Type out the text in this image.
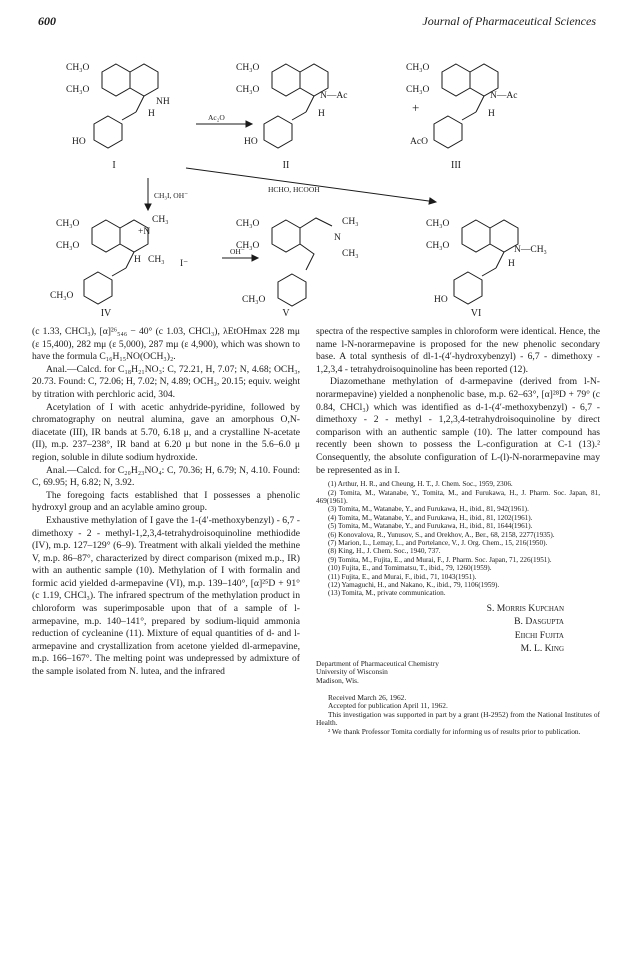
600	Journal of Pharmaceutical Sciences
CH₃O
CH₃O
NH
H
HO
CH₃O
CH₃O
N—Ac
H
HO
CH₃O
CH₃O
N—Ac
H
AcO
CH₃O
CH₃O
+N
CH₃
CH₃
H	I⁻
CH₃O
CH₃O
CH₃O
N
CH₃
CH₃
CH₃O
CH₃O
CH₃O	N—CH₃
H
HO
Ac₂O
CH₃I, OH⁻
HCHO, HCOOH
OH⁻
+
I	II	III
IV	V	VI

(c 1.33, CHCl₃), [α]²⁶₅₄₆ − 40° (c 1.03, CHCl₃), λEtOHmax 228 mμ (ε 15,400), 282 mμ (ε 5,000), 287 mμ (ε 4,900), which was shown to have the formula C₁₆H₁₅NO(OCH₃)₂.

Anal.—Calcd. for C₁₈H₂₁NO₃: C, 72.21, H, 7.07; N, 4.68; OCH₃, 20.73. Found: C, 72.06; H, 7.02; N, 4.89; OCH₃, 20.15; equiv. weight by titration with perchloric acid, 304.

Acetylation of I with acetic anhydride-pyridine, followed by chromatography on neutral alumina, gave an amorphous O,N-diacetate (III), IR bands at 5.70, 6.18 μ, and a crystalline N-acetate (II), m.p. 237–238°, IR band at 6.20 μ but none in the 5.6–6.0 μ region, soluble in dilute sodium hydroxide.

Anal.—Calcd. for C₂₀H₂₃NO₄: C, 70.36; H, 6.79; N, 4.10. Found: C, 69.95; H, 6.82; N, 3.92.

The foregoing facts established that I possesses a phenolic hydroxyl group and an acylable amino group.

Exhaustive methylation of I gave the 1-(4′-methoxybenzyl) - 6,7 - dimethoxy - 2 - methyl-1,2,3,4-tetrahydroisoquinoline methiodide (IV), m.p. 127–129° (6–9). Treatment with alkali yielded the methine V, m.p. 86–87°, characterized by direct comparison (mixed m.p., IR) with an authentic sample (10). Methylation of I with formalin and formic acid yielded d-armepavine (VI), m.p. 139–140°, [α]²⁵D + 91° (c 1.19, CHCl₃). The infrared spectrum of the methylation product in chloroform was superimposable upon that of a sample of l-armepavine, m.p. 140–141°, prepared by sodium-liquid ammonia reduction of cycleanine (11). Mixture of equal quantities of d- and l-armepavine and crystallization from acetone yielded dl-armepavine, m.p. 166–167°. The melting point was undepressed by admixture of the sample isolated from N. lutea, and the infrared

spectra of the respective samples in chloroform were identical. Hence, the name l-N-norarmepavine is proposed for the new phenolic secondary base. A total synthesis of dl-1-(4′-hydroxybenzyl) - 6,7 - dimethoxy - 1,2,3,4 - tetrahydroisoquinoline has been reported (12).

Diazomethane methylation of d-armepavine (derived from l-N-norarmepavine) yielded a nonphenolic base, m.p. 62–63°, [α]²⁸D + 79° (c 0.84, CHCl₃) which was identified as d-1-(4′-methoxybenzyl) - 6,7 - dimethoxy - 2 - methyl - 1,2,3,4-tetrahydroisoquinoline by direct comparison with an authentic sample (10). The latter compound has recently been shown to possess the L-configuration at C-1 (13).² Consequently, the absolute configuration of L-(l)-N-norarmepavine may be represented as in I.

(1) Arthur, H. R., and Cheung, H. T., J. Chem. Soc., 1959, 2306.
(2) Tomita, M., Watanabe, Y., Tomita, M., and Furukawa, H., J. Pharm. Soc. Japan, 81, 469(1961).
(3) Tomita, M., Watanabe, Y., and Furukawa, H., ibid., 81, 942(1961).
(4) Tomita, M., Watanabe, Y., and Furukawa, H., ibid., 81, 1202(1961).
(5) Tomita, M., Watanabe, Y., and Furukawa, H., ibid., 81, 1644(1961).
(6) Konovalova, R., Yunusov, S., and Orekhov, A., Ber., 68, 2158, 2277(1935).
(7) Marion, L., Lemay, L., and Portelance, V., J. Org. Chem., 15, 216(1950).
(8) King, H., J. Chem. Soc., 1940, 737.
(9) Tomita, M., Fujita, E., and Murai, F., J. Pharm. Soc. Japan, 71, 226(1951).
(10) Fujita, E., and Tomimatsu, T., ibid., 79, 1260(1959).
(11) Fujita, E., and Murai, F., ibid., 71, 1043(1951).
(12) Yamaguchi, H., and Nakano, K., ibid., 79, 1106(1959).
(13) Tomita, M., private communication.
S. Morris Kupchan
B. Dasgupta
Eiichi Fujita
M. L. King
Department of Pharmaceutical Chemistry
University of Wisconsin
Madison, Wis.
Received March 26, 1962.
Accepted for publication April 11, 1962.
This investigation was supported in part by a grant (H-2952) from the National Institutes of Health.
² We thank Professor Tomita cordially for informing us of results prior to publication.
